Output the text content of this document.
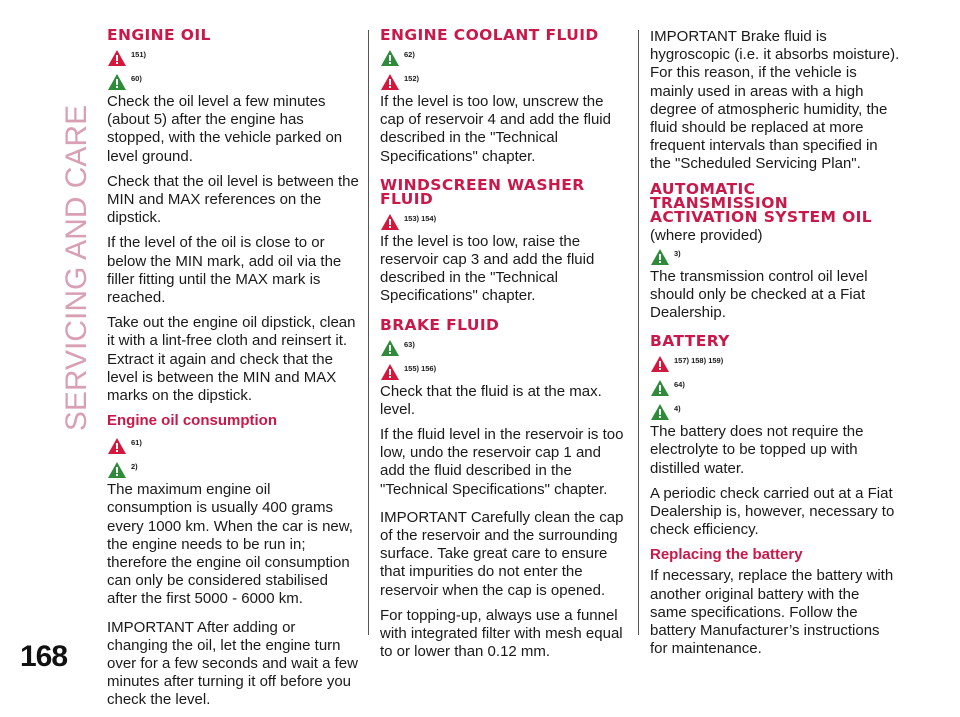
SERVICING AND CARE
168
ENGINE OIL
151)
60)

Check the oil level a few minutes (about 5) after the engine has stopped, with the vehicle parked on level ground.

Check that the oil level is between the MIN and MAX references on the dipstick.

If the level of the oil is close to or below the MIN mark, add oil via the filler fitting until the MAX mark is reached.

Take out the engine oil dipstick, clean it with a lint-free cloth and reinsert it. Extract it again and check that the level is between the MIN and MAX marks on the dipstick.

Engine oil consumption
61)
2)

The maximum engine oil consumption is usually 400 grams every 1000 km. When the car is new, the engine needs to be run in; therefore the engine oil consumption can only be considered stabilised after the first 5000 - 6000 km.

IMPORTANT After adding or changing the oil, let the engine turn over for a few seconds and wait a few minutes after turning it off before you check the level.

ENGINE COOLANT FLUID
62)
152)

If the level is too low, unscrew the cap of reservoir 4 and add the fluid described in the "Technical Specifications" chapter.

WINDSCREEN WASHER FLUID
153) 154)

If the level is too low, raise the reservoir cap 3 and add the fluid described in the "Technical Specifications" chapter.

BRAKE FLUID
63)
155) 156)

Check that the fluid is at the max. level.

If the fluid level in the reservoir is too low, undo the reservoir cap 1 and add the fluid described in the "Technical Specifications" chapter.

IMPORTANT Carefully clean the cap of the reservoir and the surrounding surface. Take great care to ensure that impurities do not enter the reservoir when the cap is opened.

For topping-up, always use a funnel with integrated filter with mesh equal to or lower than 0.12 mm.

IMPORTANT Brake fluid is hygroscopic (i.e. it absorbs moisture). For this reason, if the vehicle is mainly used in areas with a high degree of atmospheric humidity, the fluid should be replaced at more frequent intervals than specified in the "Scheduled Servicing Plan".

AUTOMATIC
TRANSMISSION
ACTIVATION SYSTEM OIL
(where provided)
3)

The transmission control oil level should only be checked at a Fiat Dealership.

BATTERY
157) 158) 159)
64)
4)

The battery does not require the electrolyte to be topped up with distilled water.

A periodic check carried out at a Fiat Dealership is, however, necessary to check efficiency.

Replacing the battery

If necessary, replace the battery with another original battery with the same specifications. Follow the battery Manufacturer’s instructions for maintenance.
